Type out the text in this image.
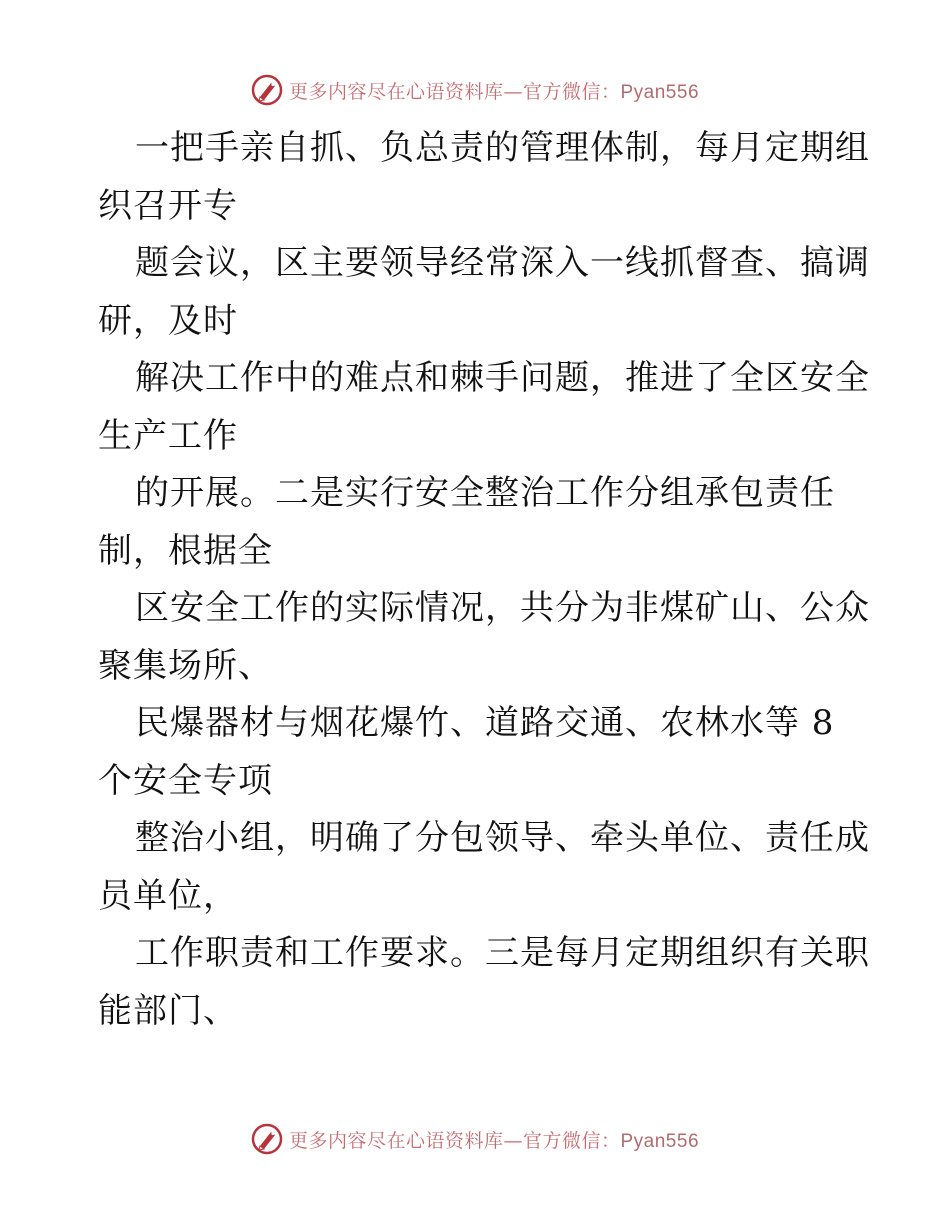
更多内容尽在心语资料库—官方微信：Pyan556
一把手亲自抓、负总责的管理体制，每月定期组
织召开专
题会议，区主要领导经常深入一线抓督查、搞调
研，及时
解决工作中的难点和棘手问题，推进了全区安全
生产工作
的开展。二是实行安全整治工作分组承包责任
制，根据全
区安全工作的实际情况，共分为非煤矿山、公众
聚集场所、
民爆器材与烟花爆竹、道路交通、农林水等 8
个安全专项
整治小组，明确了分包领导、牵头单位、责任成
员单位，
工作职责和工作要求。三是每月定期组织有关职
能部门、
更多内容尽在心语资料库—官方微信：Pyan556
